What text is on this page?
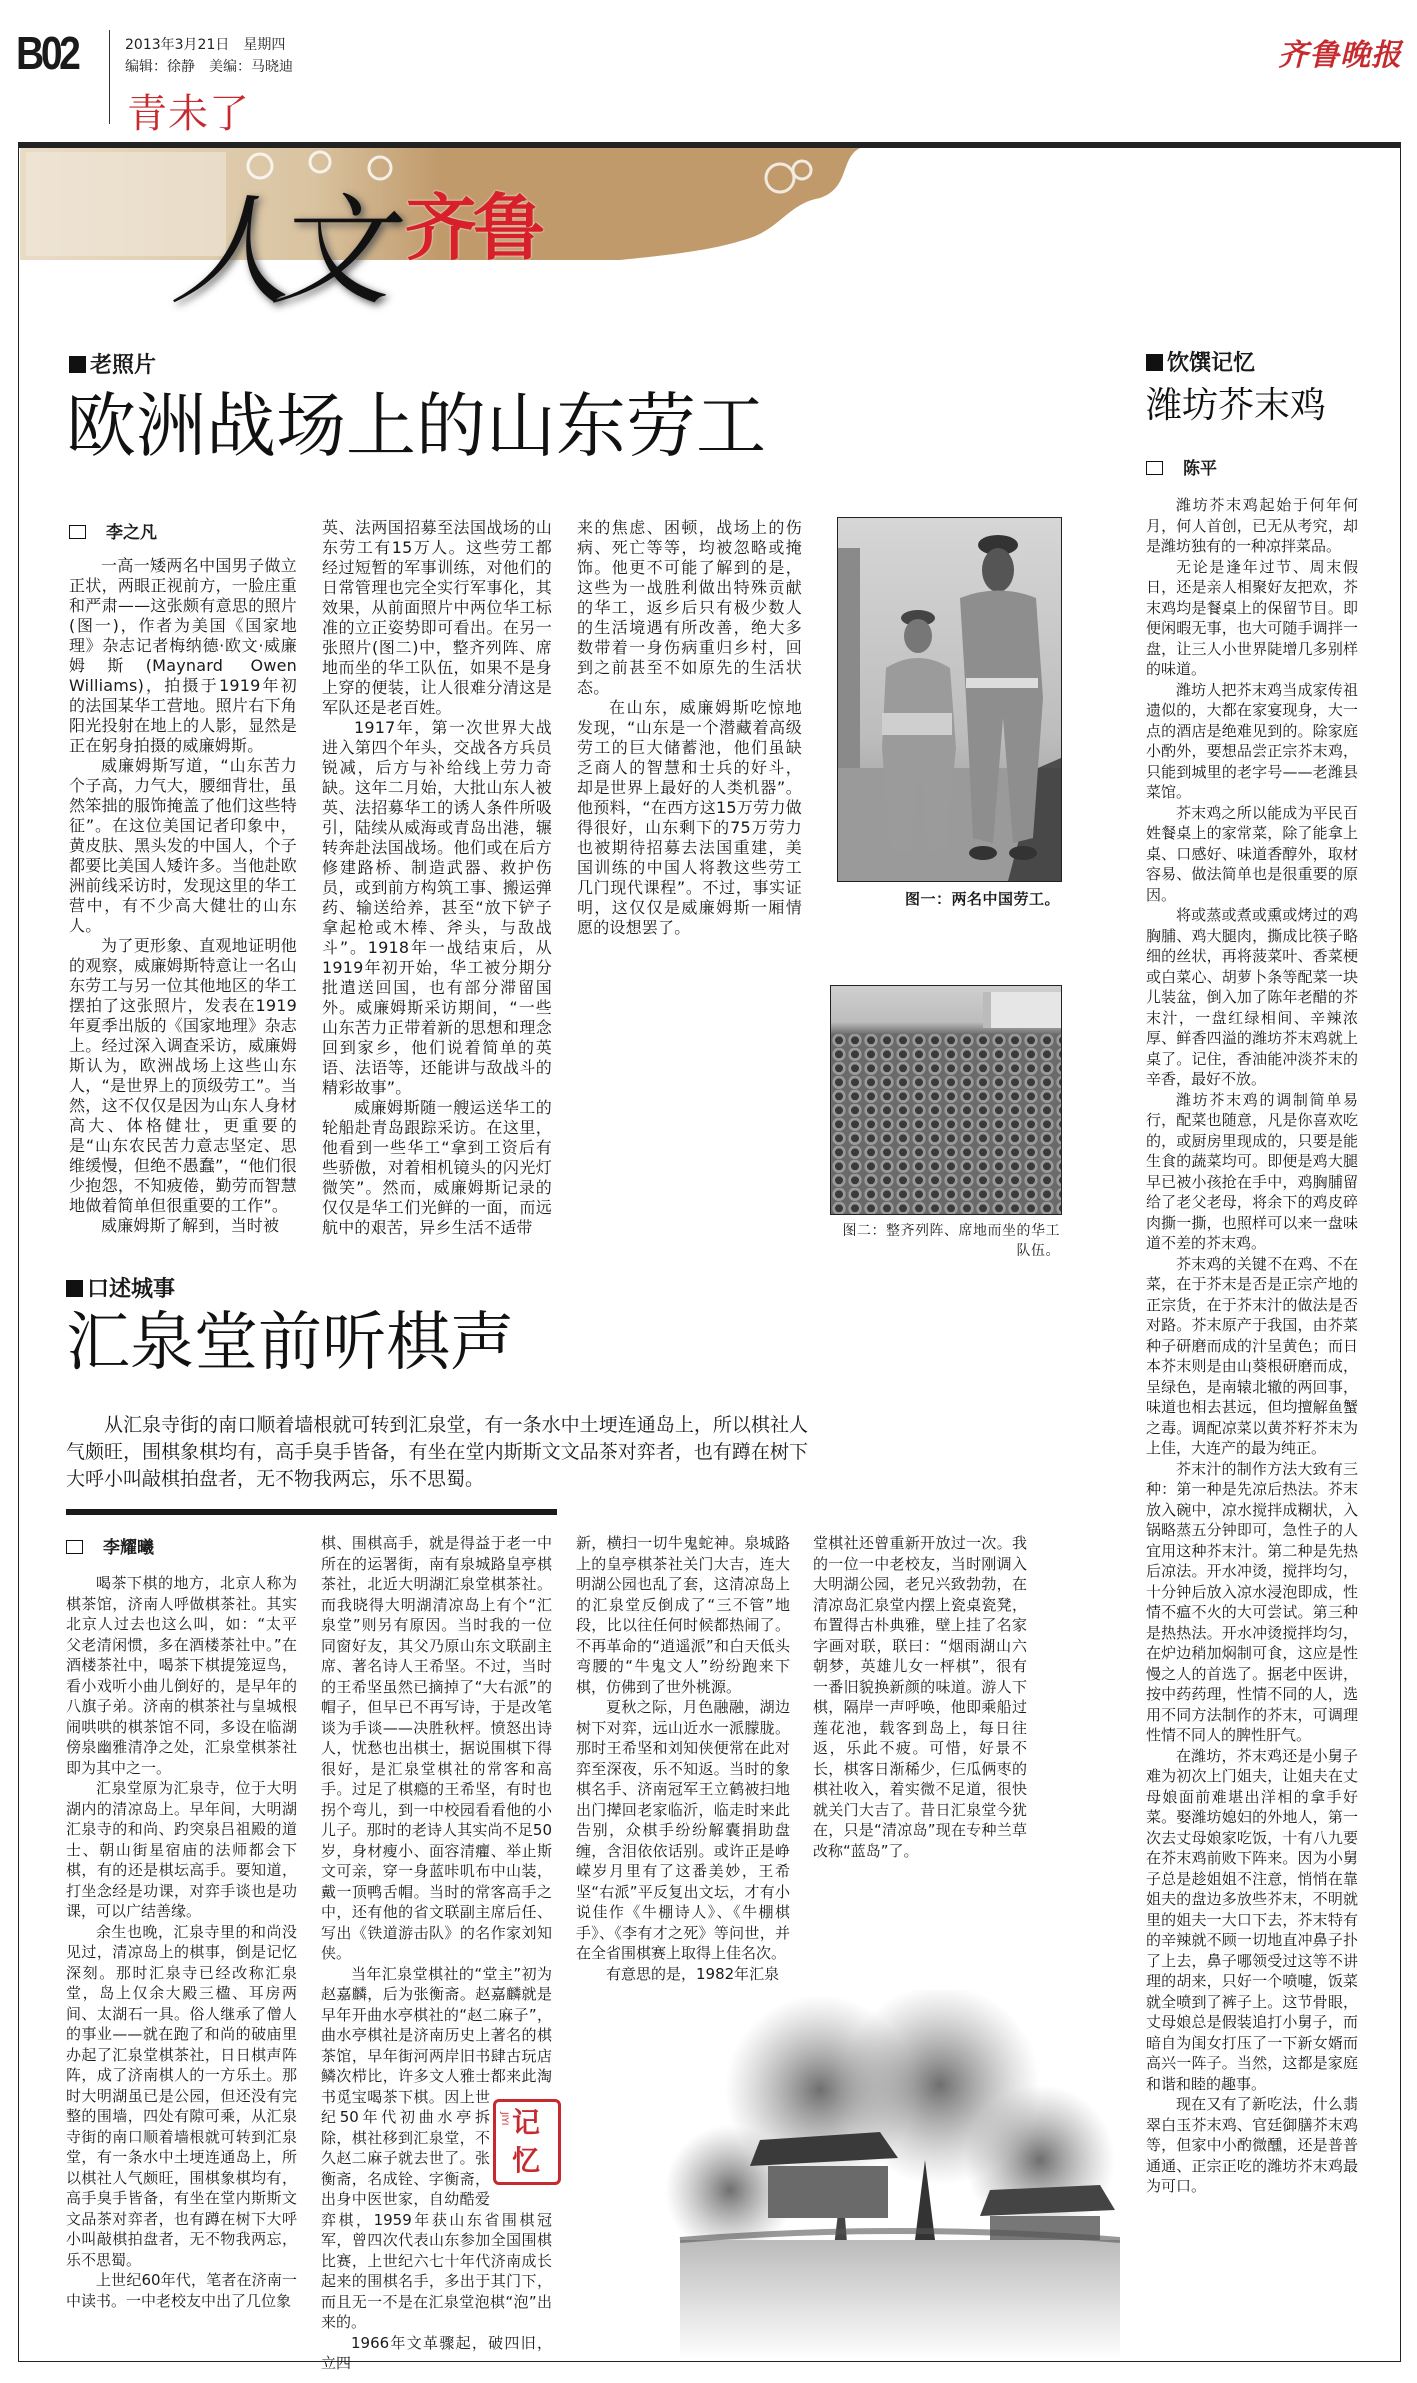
B02	2013年3月21日　星期四
编辑：徐静　美编：马晓迪
青未了
齐鲁晚报
人文 齐鲁
老照片
欧洲战场上的山东劳工
李之凡

一高一矮两名中国男子做立正状，两眼正视前方，一脸庄重和严肃——这张颇有意思的照片(图一)，作者为美国《国家地理》杂志记者梅纳德·欧文·威廉姆斯(Maynard Owen Williams)，拍摄于1919年初的法国某华工营地。照片右下角阳光投射在地上的人影，显然是正在躬身拍摄的威廉姆斯。

威廉姆斯写道，“山东苦力个子高，力气大，腰细背壮，虽然笨拙的服饰掩盖了他们这些特征”。在这位美国记者印象中，黄皮肤、黑头发的中国人，个子都要比美国人矮许多。当他赴欧洲前线采访时，发现这里的华工营中，有不少高大健壮的山东人。

为了更形象、直观地证明他的观察，威廉姆斯特意让一名山东劳工与另一位其他地区的华工摆拍了这张照片，发表在1919年夏季出版的《国家地理》杂志上。经过深入调查采访，威廉姆斯认为，欧洲战场上这些山东人，“是世界上的顶级劳工”。当然，这不仅仅是因为山东人身材高大、体格健壮，更重要的是“山东农民苦力意志坚定、思维缓慢，但绝不愚蠢”，“他们很少抱怨，不知疲倦，勤劳而智慧地做着简单但很重要的工作”。

威廉姆斯了解到，当时被

英、法两国招募至法国战场的山东劳工有15万人。这些劳工都经过短暂的军事训练，对他们的日常管理也完全实行军事化，其效果，从前面照片中两位华工标准的立正姿势即可看出。在另一张照片(图二)中，整齐列阵、席地而坐的华工队伍，如果不是身上穿的便装，让人很难分清这是军队还是老百姓。

1917年，第一次世界大战进入第四个年头，交战各方兵员锐减，后方与补给线上劳力奇缺。这年二月始，大批山东人被英、法招募华工的诱人条件所吸引，陆续从威海或青岛出港，辗转奔赴法国战场。他们或在后方修建路桥、制造武器、救护伤员，或到前方构筑工事、搬运弹药、输送给养，甚至“放下铲子拿起枪或木棒、斧头，与敌战斗”。1918年一战结束后，从1919年初开始，华工被分期分批遣送回国，也有部分滞留国外。威廉姆斯采访期间，“一些山东苦力正带着新的思想和理念回到家乡，他们说着简单的英语、法语等，还能讲与敌战斗的精彩故事”。

威廉姆斯随一艘运送华工的轮船赴青岛跟踪采访。在这里，他看到一些华工“拿到工资后有些骄傲，对着相机镜头的闪光灯微笑”。然而，威廉姆斯记录的仅仅是华工们光鲜的一面，而远航中的艰苦，异乡生活不适带

来的焦虑、困顿，战场上的伤病、死亡等等，均被忽略或掩饰。他更不可能了解到的是，这些为一战胜利做出特殊贡献的华工，返乡后只有极少数人的生活境遇有所改善，绝大多数带着一身伤病重归乡村，回到之前甚至不如原先的生活状态。

在山东，威廉姆斯吃惊地发现，“山东是一个潜藏着高级劳工的巨大储蓄池，他们虽缺乏商人的智慧和士兵的好斗，却是世界上最好的人类机器”。他预料，“在西方这15万劳力做得很好，山东剩下的75万劳力也被期待招募去法国重建，美国训练的中国人将教这些劳工几门现代课程”。不过，事实证明，这仅仅是威廉姆斯一厢情愿的设想罢了。

图一：两名中国劳工。
图二：整齐列阵、席地而坐的华工队伍。
口述城事
汇泉堂前听棋声
从汇泉寺街的南口顺着墙根就可转到汇泉堂，有一条水中土埂连通岛上，所以棋社人气颇旺，围棋象棋均有，高手臭手皆备，有坐在堂内斯斯文文品茶对弈者，也有蹲在树下大呼小叫敲棋拍盘者，无不物我两忘，乐不思蜀。
李耀曦

喝茶下棋的地方，北京人称为棋茶馆，济南人呼做棋茶社。其实北京人过去也这么叫，如：“太平父老清闲惯，多在酒楼茶社中。”在酒楼茶社中，喝茶下棋提笼逗鸟，看小戏听小曲儿倒好的，是早年的八旗子弟。济南的棋茶社与皇城根闹哄哄的棋茶馆不同，多设在临湖傍泉幽雅清净之处，汇泉堂棋茶社即为其中之一。

汇泉堂原为汇泉寺，位于大明湖内的清凉岛上。早年间，大明湖汇泉寺的和尚、趵突泉吕祖殿的道士、朝山街星宿庙的法师都会下棋，有的还是棋坛高手。要知道，打坐念经是功课，对弈手谈也是功课，可以广结善缘。

余生也晚，汇泉寺里的和尚没见过，清凉岛上的棋事，倒是记忆深刻。那时汇泉寺已经改称汇泉堂，岛上仅余大殿三楹、耳房两间、太湖石一具。俗人继承了僧人的事业——就在跑了和尚的破庙里办起了汇泉堂棋茶社，日日棋声阵阵，成了济南棋人的一方乐土。那时大明湖虽已是公园，但还没有完整的围墙，四处有隙可乘，从汇泉寺街的南口顺着墙根就可转到汇泉堂，有一条水中土埂连通岛上，所以棋社人气颇旺，围棋象棋均有，高手臭手皆备，有坐在堂内斯斯文文品茶对弈者，也有蹲在树下大呼小叫敲棋拍盘者，无不物我两忘，乐不思蜀。

上世纪60年代，笔者在济南一中读书。一中老校友中出了几位象

棋、围棋高手，就是得益于老一中所在的运署街，南有泉城路皇亭棋茶社，北近大明湖汇泉堂棋茶社。而我晓得大明湖清凉岛上有个“汇泉堂”则另有原因。当时我的一位同窗好友，其父乃原山东文联副主席、著名诗人王希坚。不过，当时的王希坚虽然已摘掉了“大右派”的帽子，但早已不再写诗，于是改笔谈为手谈——决胜秋枰。愤怒出诗人，忧愁也出棋士，据说围棋下得很好，是汇泉堂棋社的常客和高手。过足了棋瘾的王希坚，有时也拐个弯儿，到一中校园看看他的小儿子。那时的老诗人其实尚不足50岁，身材瘦小、面容清癯、举止斯文可亲，穿一身蓝咔叽布中山装，戴一顶鸭舌帽。当时的常客高手之中，还有他的省文联副主席后任、写出《铁道游击队》的名作家刘知侠。

当年汇泉堂棋社的“堂主”初为赵嘉麟，后为张衡斋。赵嘉麟就是早年开曲水亭棋社的“赵二麻子”，曲水亭棋社是济南历史上著名的棋茶馆，早年街河两岸旧书肆古玩店鳞次栉比，许多文人雅士都来此淘书觅宝喝茶下棋。因上世纪50年代初曲水亭拆除，棋社移到汇泉堂，不久赵二麻子就去世了。张衡斋，名成铨、字衡斋，出身中医世家，自幼酷爱弈棋，1959年获山东省围棋冠军，曾四次代表山东参加全国围棋比赛，上世纪六七十年代济南成长起来的围棋名手，多出于其门下，而且无一不是在汇泉堂泡棋“泡”出来的。

1966年文革骤起，破四旧，立四

新，横扫一切牛鬼蛇神。泉城路上的皇亭棋茶社关门大吉，连大明湖公园也乱了套，这清凉岛上的汇泉堂反倒成了“三不管”地段，比以往任何时候都热闹了。不再革命的“逍遥派”和白天低头弯腰的“牛鬼文人”纷纷跑来下棋，仿佛到了世外桃源。

夏秋之际，月色融融，湖边树下对弈，远山近水一派朦胧。那时王希坚和刘知侠便常在此对弈至深夜，乐不知返。当时的象棋名手、济南冠军王立鹤被扫地出门撵回老家临沂，临走时来此告别，众棋手纷纷解囊捐助盘缠，含泪依依话别。或许正是峥嵘岁月里有了这番美妙，王希坚“右派”平反复出文坛，才有小说佳作《牛棚诗人》、《牛棚棋手》、《李有才之死》等问世，并在全省围棋赛上取得上佳名次。

有意思的是，1982年汇泉

堂棋社还曾重新开放过一次。我的一位一中老校友，当时刚调入大明湖公园，老兄兴致勃勃，在清凉岛汇泉堂内摆上瓷桌瓷凳，布置得古朴典雅，壁上挂了名家字画对联，联曰：“烟雨湖山六朝梦，英雄儿女一枰棋”，很有一番旧貌换新颜的味道。游人下棋，隔岸一声呼唤，他即乘船过莲花池，载客到岛上，每日往返，乐此不疲。可惜，好景不长，棋客日渐稀少，仨瓜俩枣的棋社收入，着实微不足道，很快就关门大吉了。昔日汇泉堂今犹在，只是“清凉岛”现在专种兰草改称“蓝岛”了。

JIYI 记忆
饮馔记忆
潍坊芥末鸡
陈平

潍坊芥末鸡起始于何年何月，何人首创，已无从考究，却是潍坊独有的一种凉拌菜品。

无论是逢年过节、周末假日，还是亲人相聚好友把欢，芥末鸡均是餐桌上的保留节目。即便闲暇无事，也大可随手调拌一盘，让三人小世界陡增几多别样的味道。

潍坊人把芥末鸡当成家传祖遗似的，大都在家宴现身，大一点的酒店是绝难见到的。除家庭小酌外，要想品尝正宗芥末鸡，只能到城里的老字号——老潍县菜馆。

芥末鸡之所以能成为平民百姓餐桌上的家常菜，除了能拿上桌、口感好、味道香醇外，取材容易、做法简单也是很重要的原因。

将或蒸或煮或熏或烤过的鸡胸脯、鸡大腿肉，撕成比筷子略细的丝状，再将菠菜叶、香菜梗或白菜心、胡萝卜条等配菜一块儿装盆，倒入加了陈年老醋的芥末汁，一盘红绿相间、辛辣浓厚、鲜香四溢的潍坊芥末鸡就上桌了。记住，香油能冲淡芥末的辛香，最好不放。

潍坊芥末鸡的调制简单易行，配菜也随意，凡是你喜欢吃的，或厨房里现成的，只要是能生食的蔬菜均可。即便是鸡大腿早已被小孩抢在手中，鸡胸脯留给了老父老母，将余下的鸡皮碎肉撕一撕，也照样可以来一盘味道不差的芥末鸡。

芥末鸡的关键不在鸡、不在菜，在于芥末是否是正宗产地的正宗货，在于芥末汁的做法是否对路。芥末原产于我国，由芥菜种子研磨而成的汁呈黄色；而日本芥末则是由山葵根研磨而成，呈绿色，是南辕北辙的两回事，味道也相去甚远，但均擅解鱼蟹之毒。调配凉菜以黄芥籽芥末为上佳，大连产的最为纯正。

芥末汁的制作方法大致有三种：第一种是先凉后热法。芥末放入碗中，凉水搅拌成糊状，入锅略蒸五分钟即可，急性子的人宜用这种芥末汁。第二种是先热后凉法。开水冲烫，搅拌均匀，十分钟后放入凉水浸泡即成，性情不瘟不火的大可尝试。第三种是热热法。开水冲烫搅拌均匀，在炉边稍加焖制可食，这应是性慢之人的首选了。据老中医讲，按中药药理，性情不同的人，选用不同方法制作的芥末，可调理性情不同人的脾性肝气。

在潍坊，芥末鸡还是小舅子难为初次上门姐夫，让姐夫在丈母娘面前难堪出洋相的拿手好菜。娶潍坊媳妇的外地人，第一次去丈母娘家吃饭，十有八九要在芥末鸡前败下阵来。因为小舅子总是趁姐姐不注意，悄悄在靠姐夫的盘边多放些芥末，不明就里的姐夫一大口下去，芥末特有的辛辣就不顾一切地直冲鼻子扑了上去，鼻子哪领受过这等不讲理的胡来，只好一个喷嚏，饭菜就全喷到了裤子上。这节骨眼，丈母娘总是假装追打小舅子，而暗自为闺女打压了一下新女婿而高兴一阵子。当然，这都是家庭和谐和睦的趣事。

现在又有了新吃法，什么翡翠白玉芥末鸡、官廷御膳芥末鸡等，但家中小酌微醺，还是普普通通、正宗正吃的潍坊芥末鸡最为可口。
